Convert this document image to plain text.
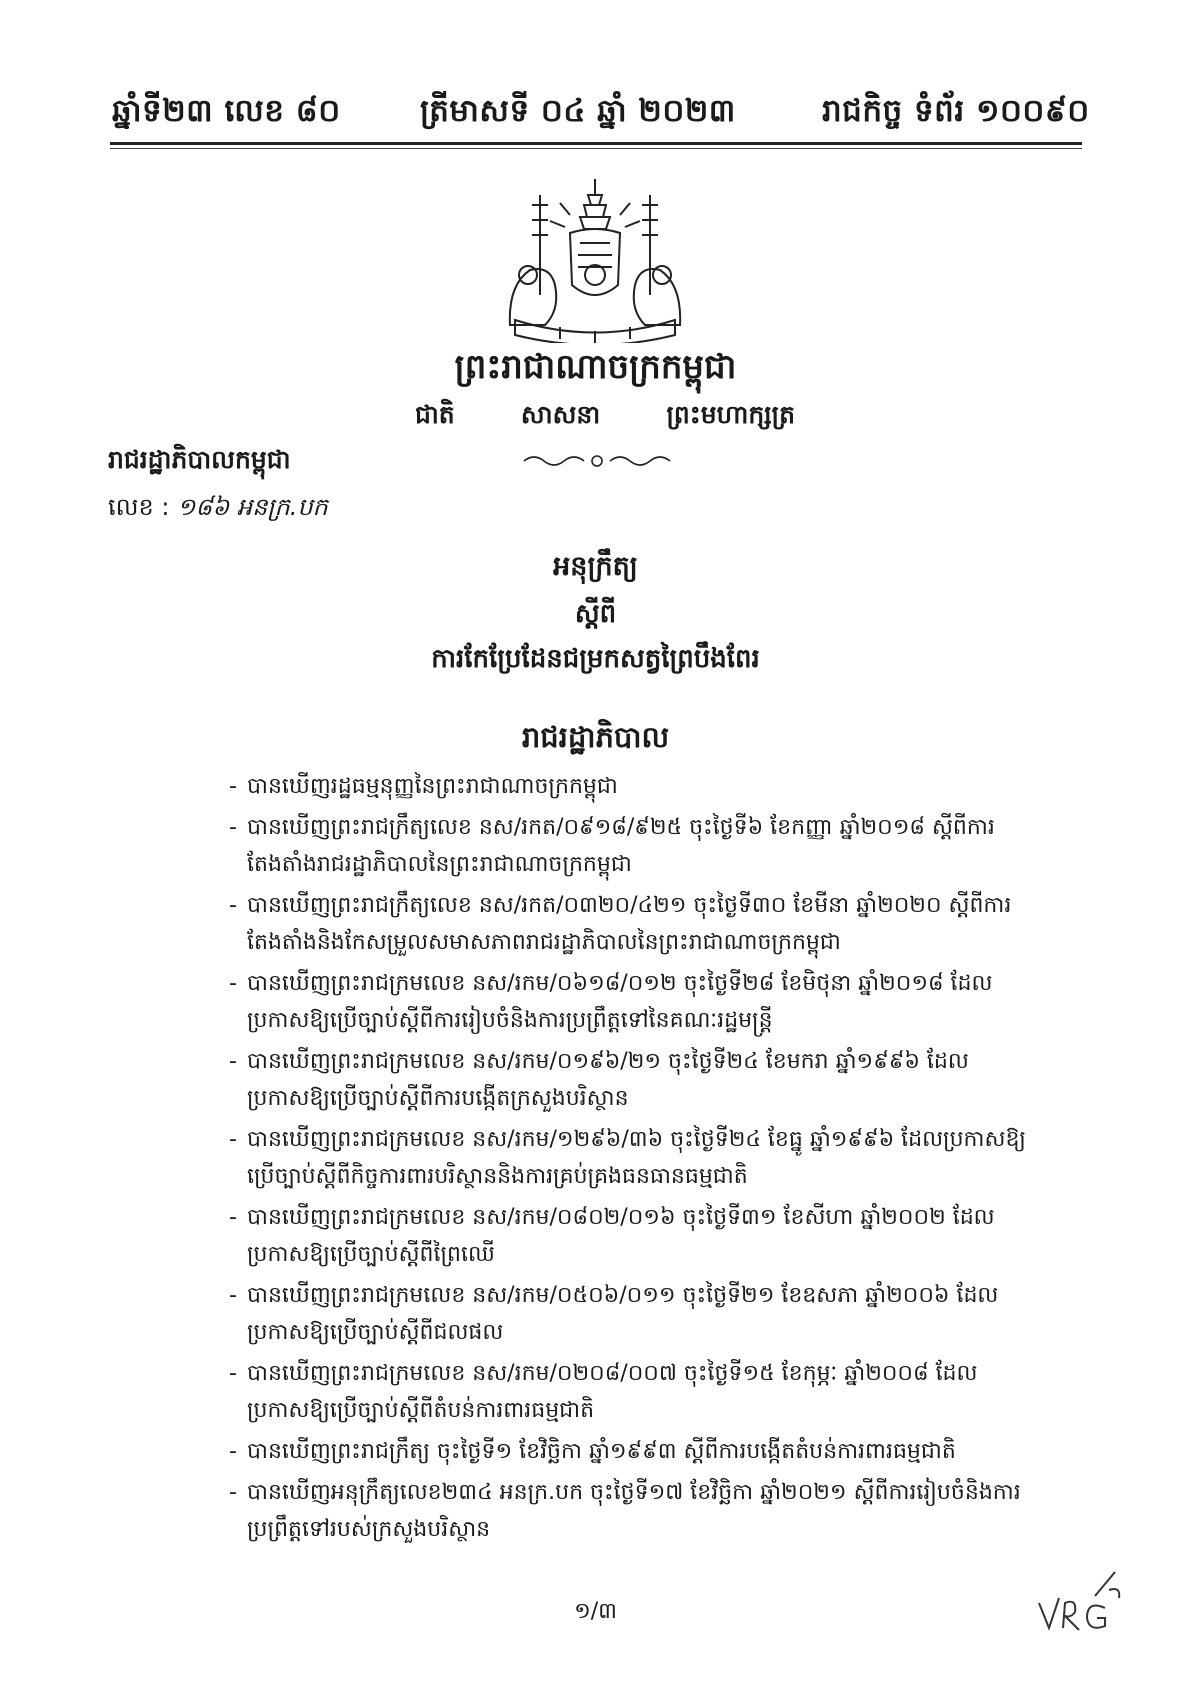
ឆ្នាំទី២៣ លេខ ៨០	ត្រីមាសទី ០៤ ឆ្នាំ ២០២៣	រាជកិច្ច ទំព័រ ១០០៩០
ព្រះរាជាណាចក្រកម្ពុជា
ជាតិ	សាសនា	ព្រះមហាក្សត្រ
រាជរដ្ឋាភិបាលកម្ពុជា
លេខ : ១៨៦ អនក្រ.បក
អនុក្រឹត្យ
ស្តីពី
ការកែប្រែដែនជម្រកសត្វព្រៃបឹងពែរ
រាជរដ្ឋាភិបាល
- បានឃើញរដ្ឋធម្មនុញ្ញនៃព្រះរាជាណាចក្រកម្ពុជា
- បានឃើញព្រះរាជក្រឹត្យលេខ នស/រកត/០៩១៨/៩២៥ ចុះថ្ងៃទី៦ ខែកញ្ញា ឆ្នាំ២០១៨ ស្តីពីការតែងតាំងរាជរដ្ឋាភិបាលនៃព្រះរាជាណាចក្រកម្ពុជា
- បានឃើញព្រះរាជក្រឹត្យលេខ នស/រកត/០៣២០/៤២១ ចុះថ្ងៃទី៣០ ខែមីនា ឆ្នាំ២០២០ ស្តីពីការតែងតាំងនិងកែសម្រួលសមាសភាពរាជរដ្ឋាភិបាលនៃព្រះរាជាណាចក្រកម្ពុជា
- បានឃើញព្រះរាជក្រមលេខ នស/រកម/០៦១៨/០១២ ចុះថ្ងៃទី២៨ ខែមិថុនា ឆ្នាំ២០១៨ ដែលប្រកាសឱ្យប្រើច្បាប់ស្តីពីការរៀបចំនិងការប្រព្រឹត្តទៅនៃគណៈរដ្ឋមន្ត្រី
- បានឃើញព្រះរាជក្រមលេខ នស/រកម/០១៩៦/២១ ចុះថ្ងៃទី២៤ ខែមករា ឆ្នាំ១៩៩៦ ដែលប្រកាសឱ្យប្រើច្បាប់ស្តីពីការបង្កើតក្រសួងបរិស្ថាន
- បានឃើញព្រះរាជក្រមលេខ នស/រកម/១២៩៦/៣៦ ចុះថ្ងៃទី២៤ ខែធ្នូ ឆ្នាំ១៩៩៦ ដែលប្រកាសឱ្យប្រើច្បាប់ស្តីពីកិច្ចការពារបរិស្ថាននិងការគ្រប់គ្រងធនធានធម្មជាតិ
- បានឃើញព្រះរាជក្រមលេខ នស/រកម/០៨០២/០១៦ ចុះថ្ងៃទី៣១ ខែសីហា ឆ្នាំ២០០២ ដែលប្រកាសឱ្យប្រើច្បាប់ស្តីពីព្រៃឈើ
- បានឃើញព្រះរាជក្រមលេខ នស/រកម/០៥០៦/០១១ ចុះថ្ងៃទី២១ ខែឧសភា ឆ្នាំ២០០៦ ដែលប្រកាសឱ្យប្រើច្បាប់ស្តីពីជលផល
- បានឃើញព្រះរាជក្រមលេខ នស/រកម/០២០៨/០០៧ ចុះថ្ងៃទី១៥ ខែកុម្ភៈ ឆ្នាំ២០០៨ ដែលប្រកាសឱ្យប្រើច្បាប់ស្តីពីតំបន់ការពារធម្មជាតិ
- បានឃើញព្រះរាជក្រឹត្យ ចុះថ្ងៃទី១ ខែវិច្ឆិកា ឆ្នាំ១៩៩៣ ស្តីពីការបង្កើតតំបន់ការពារធម្មជាតិ
- បានឃើញអនុក្រឹត្យលេខ២៣៤ អនក្រ.បក ចុះថ្ងៃទី១៧ ខែវិច្ឆិកា ឆ្នាំ២០២១ ស្តីពីការរៀបចំនិងការប្រព្រឹត្តទៅរបស់ក្រសួងបរិស្ថាន
១/៣
